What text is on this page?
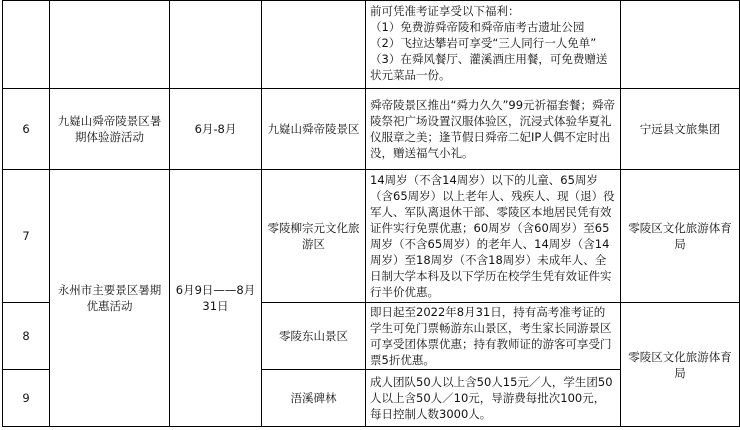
				前可凭准考证享受以下福利：

（1）免费游舜帝陵和舜帝庙考古遗址公园

（2）飞拉达攀岩可享受“三人同行一人免单”

（3）在舜风餐厅、灌溪酒庄用餐，可免费赠送状元菜品一份。	

6	九嶷山舜帝陵景区暑期体验游活动	6月-8月	九嶷山舜帝陵景区	舜帝陵景区推出“舜力久久”99元祈福套餐；舜帝陵祭祀广场设置汉服体验区，沉浸式体验华夏礼仪服章之美；逢节假日舜帝二妃IP人偶不定时出没，赠送福气小礼。	宁远县文旅集团
7	永州市主要景区暑期优惠活动	6月9日——8月31日	零陵柳宗元文化旅游区	14周岁（不含14周岁）以下的儿童、65周岁（含65周岁）以上老年人、残疾人、现（退）役军人、军队离退休干部、零陵区本地居民凭有效证件实行免票优惠；60周岁（含60周岁）至65周岁（不含65周岁）的老年人、14周岁（含14周岁）至18周岁（不含18周岁）未成年人、全日制大学本科及以下学历在校学生凭有效证件实行半价优惠。	零陵区文化旅游体育局
8			零陵东山景区	即日起至2022年8月31日，持有高考准考证的学生可免门票畅游东山景区，考生家长同游景区可享受团体票优惠；持有教师证的游客可享受门票5折优惠。	零陵区文化旅游体育局
9			浯溪碑林	成人团队50人以上含50人15元／人，学生团50人以上含50人／10元，导游费每批次100元，每日控制人数3000人。	
